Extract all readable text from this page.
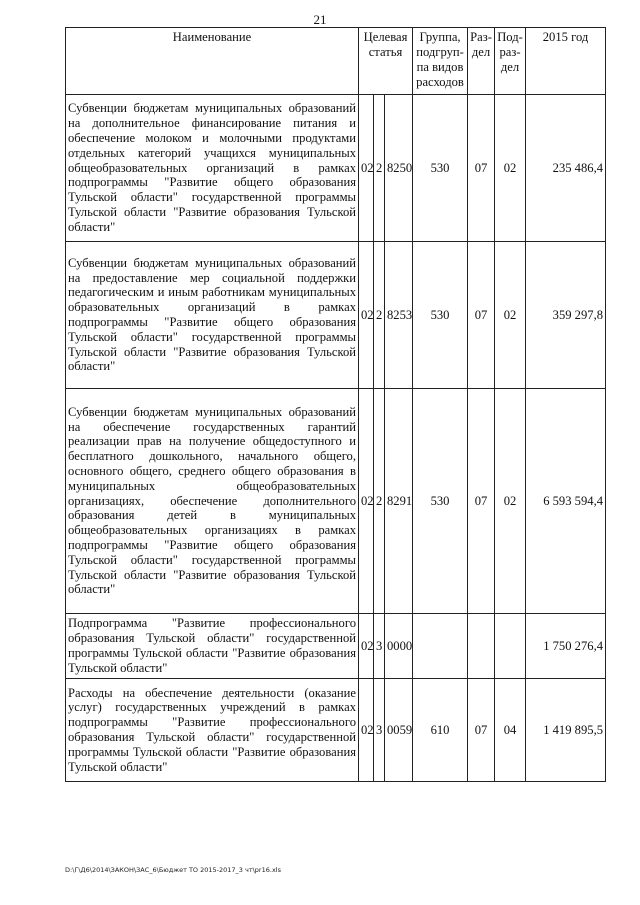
21
Наименование	Целевая статья			Группа, подгруп-па видов расходов	Раз-дел	Под-раз-дел	2015 год
Субвенции бюджетам муниципальных образований на дополнительное финансирование питания и обеспечение молоком и молочными продуктами отдельных категорий учащихся муниципальных общеобразовательных организаций в рамках подпрограммы "Развитие общего образования Тульской области" государственной программы Тульской области "Развитие образования Тульской области"	02	2	8250	530	07	02	235 486,4
Субвенции бюджетам муниципальных образований на предоставление мер социальной поддержки педагогическим и иным работникам муниципальных образовательных организаций в рамках подпрограммы "Развитие общего образования Тульской области" государственной программы Тульской области "Развитие образования Тульской области"	02	2	8253	530	07	02	359 297,8
Субвенции бюджетам муниципальных образований на обеспечение государственных гарантий реализации прав на получение общедоступного и бесплатного дошкольного, начального общего, основного общего, среднего общего образования в муниципальных общеобразовательных организациях, обеспечение дополнительного образования детей в муниципальных общеобразовательных организациях в рамках подпрограммы "Развитие общего образования Тульской области" государственной программы Тульской области "Развитие образования Тульской области"	02	2	8291	530	07	02	6 593 594,4
Подпрограмма "Развитие профессионального образования Тульской области" государственной программы Тульской области "Развитие образования Тульской области"	02	3	0000				1 750 276,4
Расходы на обеспечение деятельности (оказание услуг) государственных учреждений в рамках подпрограммы "Развитие профессионального образования Тульской области" государственной программы Тульской области "Развитие образования Тульской области"	02	3	0059	610	07	04	1 419 895,5
D:\Г\Д6\2014\ЗАКОН\ЗАС_6\Бюджет ТО 2015-2017_3 чт\pr16.xls
